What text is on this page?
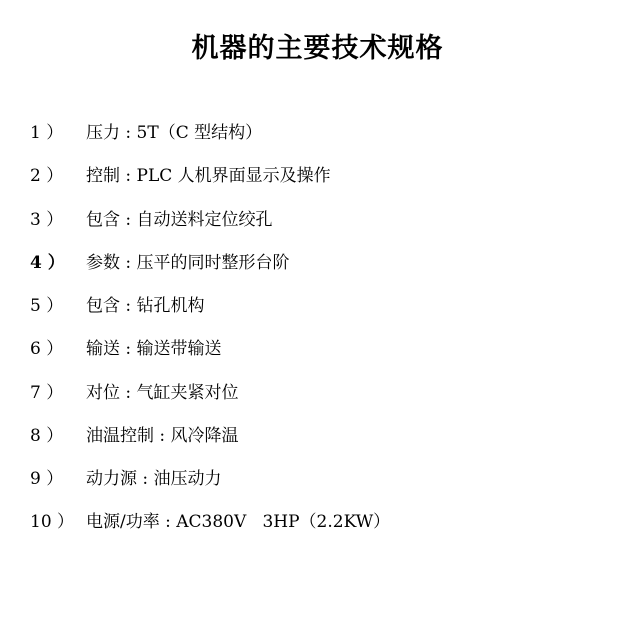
机器的主要技术规格
1 ）	压力 : 5T（C 型结构）
2 ）	控制 : PLC 人机界面显示及操作
3 ）	包含 : 自动送料定位绞孔
4 ）	参数 : 压平的同时整形台阶
5 ）	包含 : 钻孔机构
6 ）	输送 : 输送带输送
7 ）	对位 : 气缸夹紧对位
8 ）	油温控制 : 风冷降温
9 ）	动力源 : 油压动力
10 ） 电源/功率 : AC380V   3HP（2.2KW）
